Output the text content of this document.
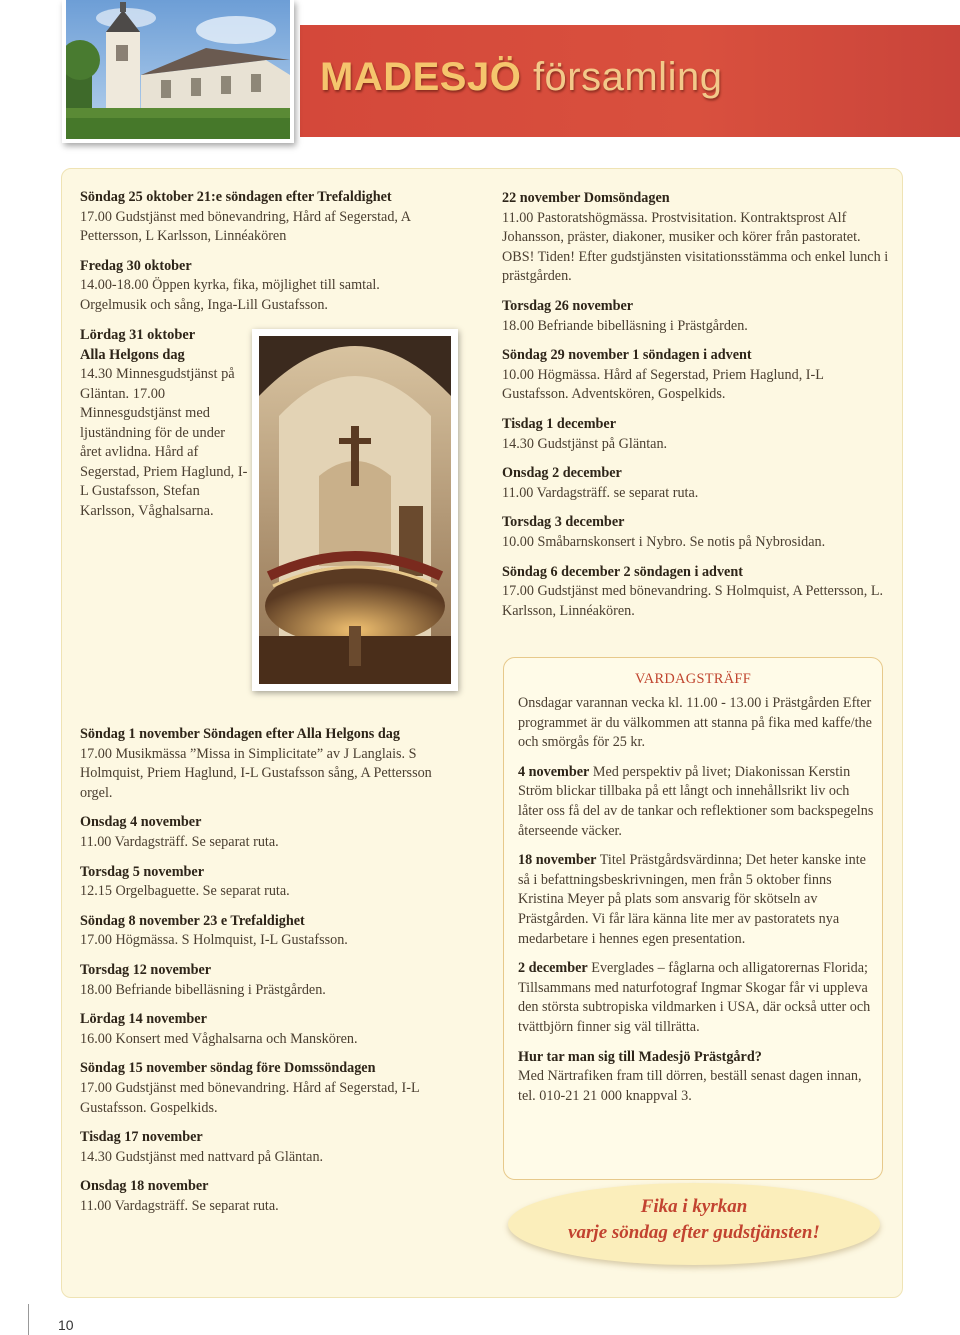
MADESJÖ församling
Söndag 25 oktober 21:e söndagen efter Trefaldighet
17.00 Gudstjänst med bönevandring, Hård af Segerstad, A Pettersson, L Karlsson, Linnéakören
Fredag 30 oktober
14.00-18.00 Öppen kyrka, fika, möjlighet till samtal. Orgelmusik och sång, Inga-Lill Gustafsson.
Lördag 31 oktober
Alla Helgons dag
14.30 Minnesgudstjänst på Gläntan. 17.00 Minnesgudstjänst med ljuständning för de under året avlidna. Hård af Segerstad, Priem Haglund, I-L Gustafsson, Stefan Karlsson, Våghalsarna.
22 november Domsöndagen
11.00 Pastoratshögmässa. Prostvisitation. Kontraktsprost Alf Johansson, präster, diakoner, musiker och körer från pastoratet. OBS! Tiden! Efter gudstjänsten visitationsstämma och enkel lunch i prästgården.
Torsdag 26 november
18.00 Befriande bibelläsning i Prästgården.
Söndag 29 november 1 söndagen i advent
10.00 Högmässa. Hård af Segerstad, Priem Haglund, I-L Gustafsson. Adventskören, Gospelkids.
Tisdag 1 december
14.30 Gudstjänst på Gläntan.
Onsdag 2 december
11.00 Vardagsträff. se separat ruta.
Torsdag 3 december
10.00 Småbarnskonsert i Nybro. Se notis på Nybrosidan.
Söndag 6 december 2 söndagen i advent
17.00 Gudstjänst med bönevandring. S Holmquist, A Pettersson, L. Karlsson, Linnéakören.
Söndag 1 november Söndagen efter Alla Helgons dag
17.00 Musikmässa ”Missa in Simplicitate” av J Langlais. S Holmquist, Priem Haglund, I-L Gustafsson sång, A Pettersson orgel.
Onsdag 4 november
11.00 Vardagsträff. Se separat ruta.
Torsdag 5 november
12.15 Orgelbaguette. Se separat ruta.
Söndag 8 november 23 e Trefaldighet
17.00 Högmässa. S Holmquist, I-L Gustafsson.
Torsdag 12 november
18.00 Befriande bibelläsning i Prästgården.
Lördag 14 november
16.00 Konsert med Våghalsarna och Manskören.
Söndag 15 november söndag före Domssöndagen
17.00 Gudstjänst med bönevandring. Hård af Segerstad, I-L Gustafsson. Gospelkids.
Tisdag 17 november
14.30 Gudstjänst med nattvard på Gläntan.
Onsdag 18 november
11.00 Vardagsträff. Se separat ruta.
VARDAGSTRÄFF
Onsdagar varannan vecka kl. 11.00 - 13.00 i Prästgården Efter programmet är du välkommen att stanna på fika med kaffe/the och smörgås för 25 kr.
4 november Med perspektiv på livet; Diakonissan Kerstin Ström blickar tillbaka på ett långt och innehållsrikt liv och låter oss få del av de tankar och reflektioner som backspegelns återseende väcker.
18 november Titel Prästgårdsvärdinna; Det heter kanske inte så i befattningsbeskrivningen, men från 5 oktober finns Kristina Meyer på plats som ansvarig för skötseln av Prästgården. Vi får lära känna lite mer av pastoratets nya medarbetare i hennes egen presentation.
2 december Everglades – fåglarna och alligatorernas Florida; Tillsammans med naturfotograf Ingmar Skogar får vi uppleva den största subtropiska vildmarken i USA, där också utter och tvättbjörn finner sig väl tillrätta.
Hur tar man sig till Madesjö Prästgård?
Med Närtrafiken fram till dörren, beställ senast dagen innan, tel. 010-21 21 000 knappval 3.
Fika i kyrkan
varje söndag efter gudstjänsten!
10
